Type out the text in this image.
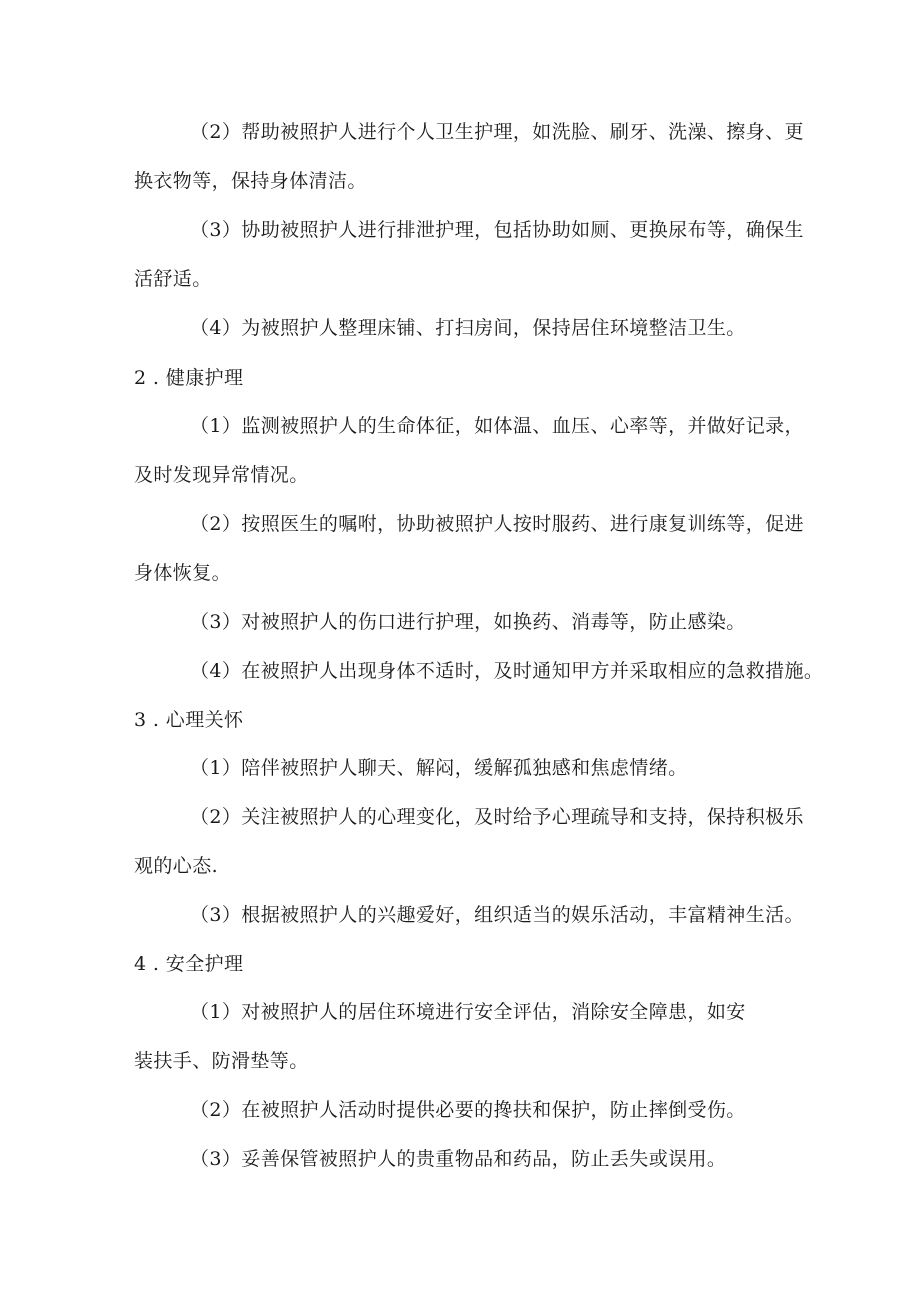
（2）帮助被照护人进行个人卫生护理，如洗脸、刷牙、洗澡、擦身、更
换衣物等，保持身体清洁。
（3）协助被照护人进行排泄护理，包括协助如厕、更换尿布等，确保生
活舒适。
（4）为被照护人整理床铺、打扫房间，保持居住环境整洁卫生。
2 . 健康护理
（1）监测被照护人的生命体征，如体温、血压、心率等，并做好记录，
及时发现异常情况。
（2）按照医生的嘱咐，协助被照护人按时服药、进行康复训练等，促进
身体恢复。
（3）对被照护人的伤口进行护理，如换药、消毒等，防止感染。
（4）在被照护人出现身体不适时，及时通知甲方并采取相应的急救措施。
3 . 心理关怀
（1）陪伴被照护人聊天、解闷，缓解孤独感和焦虑情绪。
（2）关注被照护人的心理变化，及时给予心理疏导和支持，保持积极乐
观的心态.
（3）根据被照护人的兴趣爱好，组织适当的娱乐活动，丰富精神生活。
4 . 安全护理
（1）对被照护人的居住环境进行安全评估，消除安全障患，如安
装扶手、防滑垫等。
（2）在被照护人活动时提供必要的搀扶和保护，防止摔倒受伤。
（3）妥善保管被照护人的贵重物品和药品，防止丢失或误用。
